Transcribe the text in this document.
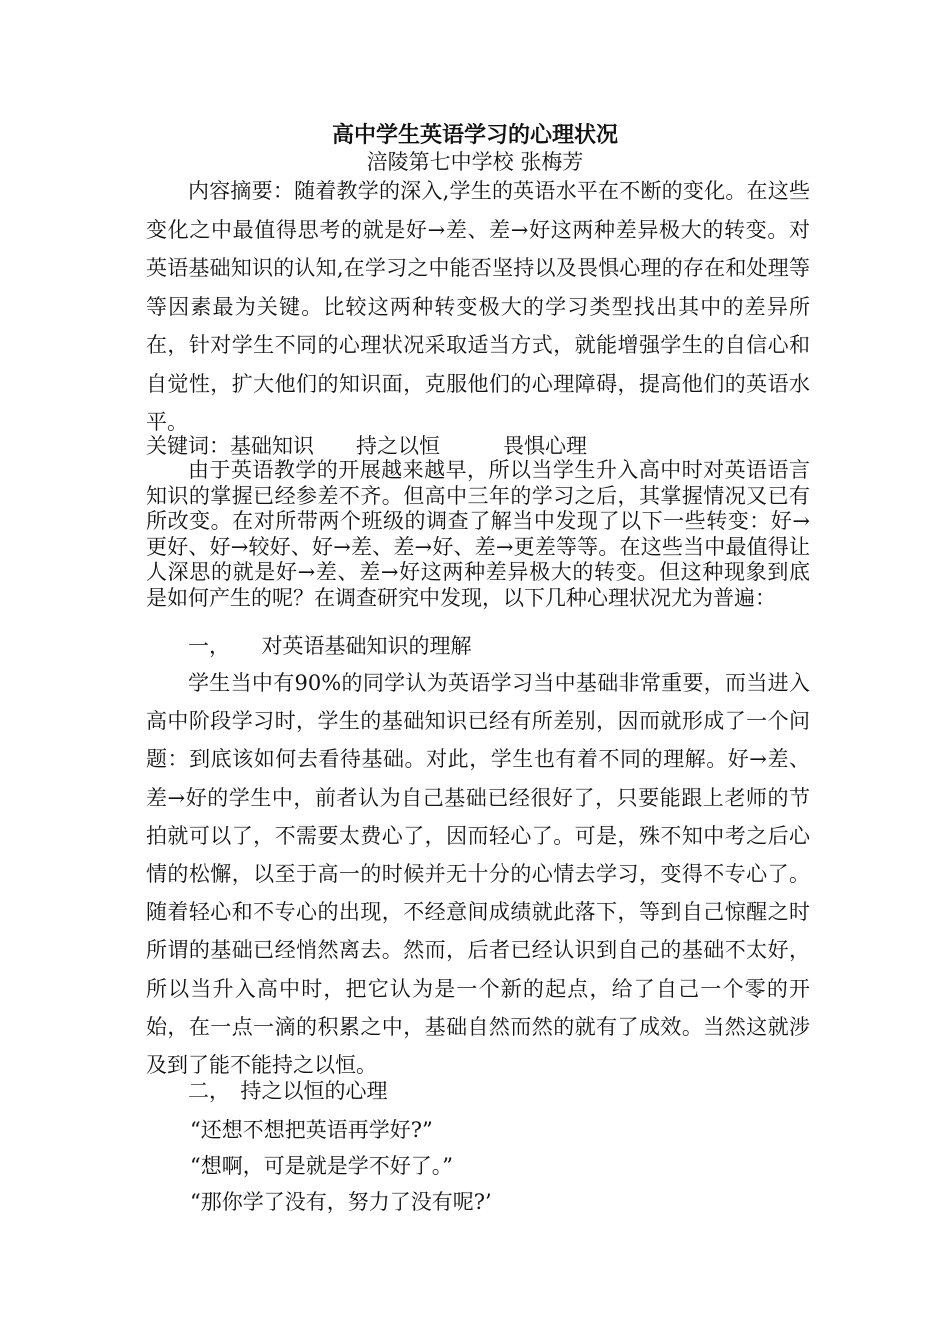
高中学生英语学习的心理状况
涪陵第七中学校 张梅芳
内容摘要：随着教学的深入,学生的英语水平在不断的变化。在这些变化之中最值得思考的就是好→差、差→好这两种差异极大的转变。对英语基础知识的认知,在学习之中能否坚持以及畏惧心理的存在和处理等等因素最为关键。比较这两种转变极大的学习类型找出其中的差异所在，针对学生不同的心理状况采取适当方式，就能增强学生的自信心和自觉性，扩大他们的知识面，克服他们的心理障碍，提高他们的英语水平。
关键词：基础知识　　持之以恒　　　畏惧心理
由于英语教学的开展越来越早，所以当学生升入高中时对英语语言知识的掌握已经参差不齐。但高中三年的学习之后，其掌握情况又已有所改变。在对所带两个班级的调查了解当中发现了以下一些转变：好→更好、好→较好、好→差、差→好、差→更差等等。在这些当中最值得让人深思的就是好→差、差→好这两种差异极大的转变。但这种现象到底是如何产生的呢？在调查研究中发现，以下几种心理状况尤为普遍：
一，　　对英语基础知识的理解
学生当中有90%的同学认为英语学习当中基础非常重要，而当进入高中阶段学习时，学生的基础知识已经有所差别，因而就形成了一个问题：到底该如何去看待基础。对此，学生也有着不同的理解。好→差、差→好的学生中，前者认为自己基础已经很好了，只要能跟上老师的节拍就可以了，不需要太费心了，因而轻心了。可是，殊不知中考之后心情的松懈，以至于高一的时候并无十分的心情去学习，变得不专心了。随着轻心和不专心的出现，不经意间成绩就此落下，等到自己惊醒之时所谓的基础已经悄然离去。然而，后者已经认识到自己的基础不太好，所以当升入高中时，把它认为是一个新的起点，给了自己一个零的开始，在一点一滴的积累之中，基础自然而然的就有了成效。当然这就涉及到了能不能持之以恒。
二，　持之以恒的心理
“还想不想把英语再学好?”
“想啊，可是就是学不好了。”
“那你学了没有，努力了没有呢?’
